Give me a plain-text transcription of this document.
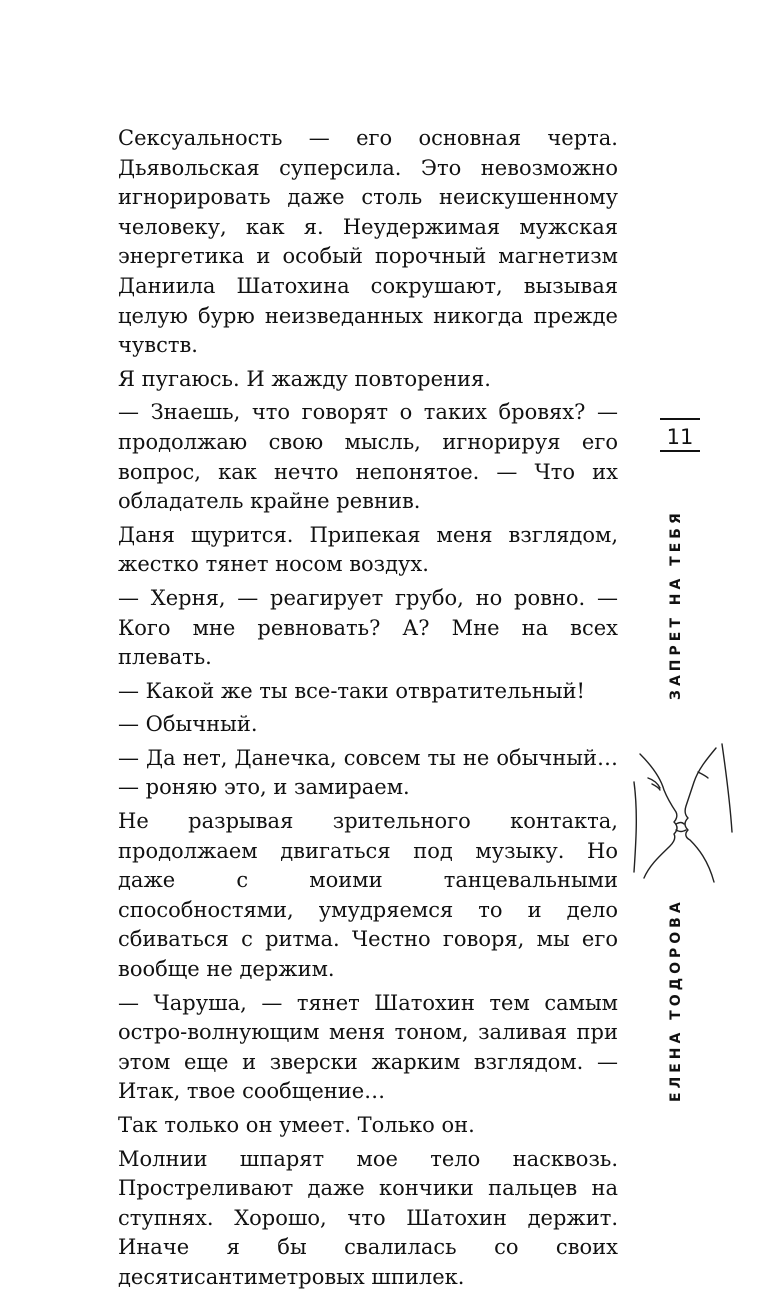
Сексуальность — его основная черта. Дьявольская суперсила. Это невозможно игнорировать даже столь неискушенному человеку, как я. Неудержимая мужская энергетика и особый порочный магнетизм Даниила Шатохина сокрушают, вызывая целую бурю неизведанных никогда прежде чувств.

Я пугаюсь. И жажду повторения.

— Знаешь, что говорят о таких бровях? — продолжаю свою мысль, игнорируя его вопрос, как нечто непонятое. — Что их обладатель крайне ревнив.

Даня щурится. Припекая меня взглядом, жестко тянет носом воздух.

— Херня, — реагирует грубо, но ровно. — Кого мне ревновать? А? Мне на всех плевать.

— Какой же ты все-таки отвратительный!

— Обычный.

— Да нет, Данечка, совсем ты не обычный… — роняю это, и замираем.

Не разрывая зрительного контакта, продолжаем двигаться под музыку. Но даже с моими танцевальными способностями, умудряемся то и дело сбиваться с ритма. Честно говоря, мы его вообще не держим.

— Чаруша, — тянет Шатохин тем самым остро-волнующим меня тоном, заливая при этом еще и зверски жарким взглядом. — Итак, твое сообщение…

Так только он умеет. Только он.

Молнии шпарят мое тело насквозь. Простреливают даже кончики пальцев на ступнях. Хорошо, что Шатохин держит. Иначе я бы свалилась со своих десятисантиметровых шпилек.

11
ЗАПРЕТ НА ТЕБЯ
ЕЛЕНА ТОДОРОВА
